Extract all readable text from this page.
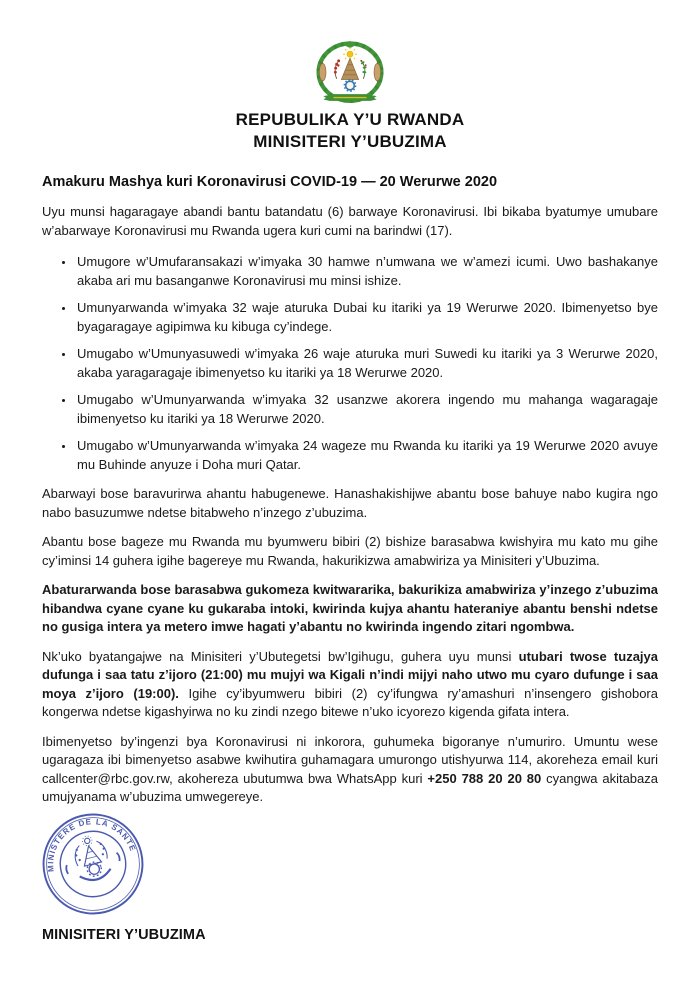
REPUBULIKA Y’U RWANDA
MINISITERI Y’UBUZIMA
Amakuru Mashya kuri Koronavirusi COVID-19 — 20 Werurwe 2020

Uyu munsi hagaragaye abandi bantu batandatu (6) barwaye Koronavirusi. Ibi bikaba byatumye umubare w’abarwaye Koronavirusi mu Rwanda ugera kuri cumi na barindwi (17).

• Umugore w’Umufaransakazi w’imyaka 30 hamwe n’umwana we w’amezi icumi. Uwo bashakanye akaba ari mu basanganwe Koronavirusi mu minsi ishize.
• Umunyarwanda w’imyaka 32 waje aturuka Dubai ku itariki ya 19 Werurwe 2020. Ibimenyetso bye byagaragaye agipimwa ku kibuga cy’indege.
• Umugabo w’Umunyasuwedi w’imyaka 26 waje aturuka muri Suwedi ku itariki ya 3 Werurwe 2020, akaba yaragaragaje ibimenyetso ku itariki ya 18 Werurwe 2020.
• Umugabo w’Umunyarwanda w’imyaka 32 usanzwe akorera ingendo mu mahanga wagaragaje ibimenyetso ku itariki ya 18 Werurwe 2020.
• Umugabo w’Umunyarwanda w’imyaka 24 wageze mu Rwanda ku itariki ya 19 Werurwe 2020 avuye mu Buhinde anyuze i Doha muri Qatar.

Abarwayi bose baravurirwa ahantu habugenewe. Hanashakishijwe abantu bose bahuye nabo kugira ngo nabo basuzumwe ndetse bitabweho n’inzego z’ubuzima.

Abantu bose bageze mu Rwanda mu byumweru bibiri (2) bishize barasabwa kwishyira mu kato mu gihe cy’iminsi 14 guhera igihe bagereye mu Rwanda, hakurikizwa amabwiriza ya Minisiteri y’Ubuzima.

Abaturarwanda bose barasabwa gukomeza kwitwararika, bakurikiza amabwiriza y’inzego z’ubuzima hibandwa cyane cyane ku gukaraba intoki, kwirinda kujya ahantu hateraniye abantu benshi ndetse no gusiga intera ya metero imwe hagati y’abantu no kwirinda ingendo zitari ngombwa.

Nk’uko byatangajwe na Minisiteri y’Ubutegetsi bw’Igihugu, guhera uyu munsi utubari twose tuzajya dufunga i saa tatu z’ijoro (21:00) mu mujyi wa Kigali n’indi mijyi naho utwo mu cyaro dufunge i saa moya z’ijoro (19:00). Igihe cy’ibyumweru bibiri (2) cy’ifungwa ry’amashuri n’insengero gishobora kongerwa ndetse kigashyirwa no ku zindi nzego bitewe n’uko icyorezo kigenda gifata intera.

Ibimenyetso by’ingenzi bya Koronavirusi ni inkorora, guhumeka bigoranye n’umuriro. Umuntu wese ugaragaza ibi bimenyetso asabwe kwihutira guhamagara umurongo utishyurwa 114, akoreheza email kuri callcenter@rbc.gov.rw, akohereza ubutumwa bwa WhatsApp kuri +250 788 20 20 80 cyangwa akitabaza umujyanama w’ubuzima umwegereye.

MINISTERE DE LA SANTE
MINISITERI Y’UBUZIMA
